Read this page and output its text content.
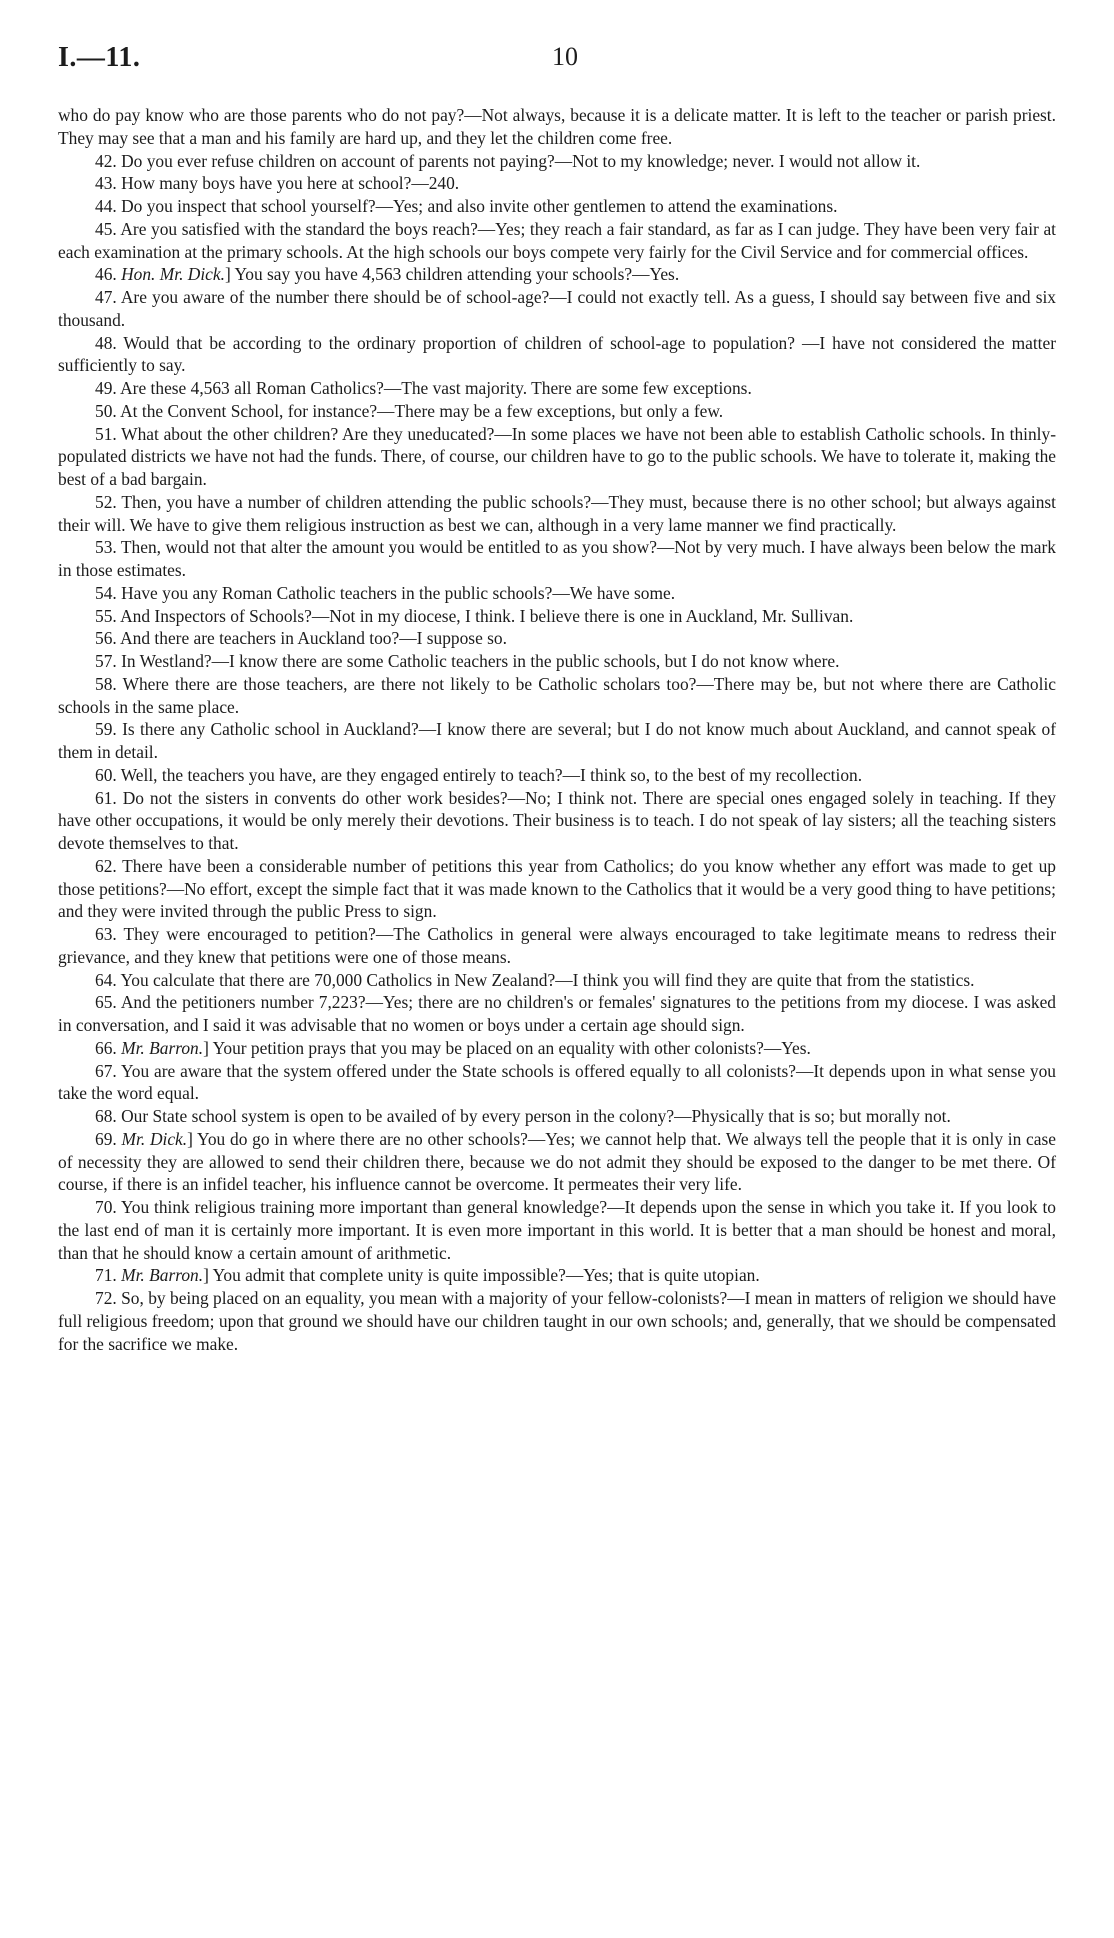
I.—11.	10

who do pay know who are those parents who do not pay?—Not always, because it is a delicate matter. It is left to the teacher or parish priest. They may see that a man and his family are hard up, and they let the children come free.

42. Do you ever refuse children on account of parents not paying?—Not to my knowledge; never. I would not allow it.

43. How many boys have you here at school?—240.

44. Do you inspect that school yourself?—Yes; and also invite other gentlemen to attend the examinations.

45. Are you satisfied with the standard the boys reach?—Yes; they reach a fair standard, as far as I can judge. They have been very fair at each examination at the primary schools. At the high schools our boys compete very fairly for the Civil Service and for commercial offices.

46. Hon. Mr. Dick.] You say you have 4,563 children attending your schools?—Yes.

47. Are you aware of the number there should be of school-age?—I could not exactly tell. As a guess, I should say between five and six thousand.

48. Would that be according to the ordinary proportion of children of school-age to population? —I have not considered the matter sufficiently to say.

49. Are these 4,563 all Roman Catholics?—The vast majority. There are some few exceptions.

50. At the Convent School, for instance?—There may be a few exceptions, but only a few.

51. What about the other children? Are they uneducated?—In some places we have not been able to establish Catholic schools. In thinly-populated districts we have not had the funds. There, of course, our children have to go to the public schools. We have to tolerate it, making the best of a bad bargain.

52. Then, you have a number of children attending the public schools?—They must, because there is no other school; but always against their will. We have to give them religious instruction as best we can, although in a very lame manner we find practically.

53. Then, would not that alter the amount you would be entitled to as you show?—Not by very much. I have always been below the mark in those estimates.

54. Have you any Roman Catholic teachers in the public schools?—We have some.

55. And Inspectors of Schools?—Not in my diocese, I think. I believe there is one in Auckland, Mr. Sullivan.

56. And there are teachers in Auckland too?—I suppose so.

57. In Westland?—I know there are some Catholic teachers in the public schools, but I do not know where.

58. Where there are those teachers, are there not likely to be Catholic scholars too?—There may be, but not where there are Catholic schools in the same place.

59. Is there any Catholic school in Auckland?—I know there are several; but I do not know much about Auckland, and cannot speak of them in detail.

60. Well, the teachers you have, are they engaged entirely to teach?—I think so, to the best of my recollection.

61. Do not the sisters in convents do other work besides?—No; I think not. There are special ones engaged solely in teaching. If they have other occupations, it would be only merely their devotions. Their business is to teach. I do not speak of lay sisters; all the teaching sisters devote themselves to that.

62. There have been a considerable number of petitions this year from Catholics; do you know whether any effort was made to get up those petitions?—No effort, except the simple fact that it was made known to the Catholics that it would be a very good thing to have petitions; and they were invited through the public Press to sign.

63. They were encouraged to petition?—The Catholics in general were always encouraged to take legitimate means to redress their grievance, and they knew that petitions were one of those means.

64. You calculate that there are 70,000 Catholics in New Zealand?—I think you will find they are quite that from the statistics.

65. And the petitioners number 7,223?—Yes; there are no children's or females' signatures to the petitions from my diocese. I was asked in conversation, and I said it was advisable that no women or boys under a certain age should sign.

66. Mr. Barron.] Your petition prays that you may be placed on an equality with other colonists?—Yes.

67. You are aware that the system offered under the State schools is offered equally to all colonists?—It depends upon in what sense you take the word equal.

68. Our State school system is open to be availed of by every person in the colony?—Physically that is so; but morally not.

69. Mr. Dick.] You do go in where there are no other schools?—Yes; we cannot help that. We always tell the people that it is only in case of necessity they are allowed to send their children there, because we do not admit they should be exposed to the danger to be met there. Of course, if there is an infidel teacher, his influence cannot be overcome. It permeates their very life.

70. You think religious training more important than general knowledge?—It depends upon the sense in which you take it. If you look to the last end of man it is certainly more important. It is even more important in this world. It is better that a man should be honest and moral, than that he should know a certain amount of arithmetic.

71. Mr. Barron.] You admit that complete unity is quite impossible?—Yes; that is quite utopian.

72. So, by being placed on an equality, you mean with a majority of your fellow-colonists?—I mean in matters of religion we should have full religious freedom; upon that ground we should have our children taught in our own schools; and, generally, that we should be compensated for the sacrifice we make.
